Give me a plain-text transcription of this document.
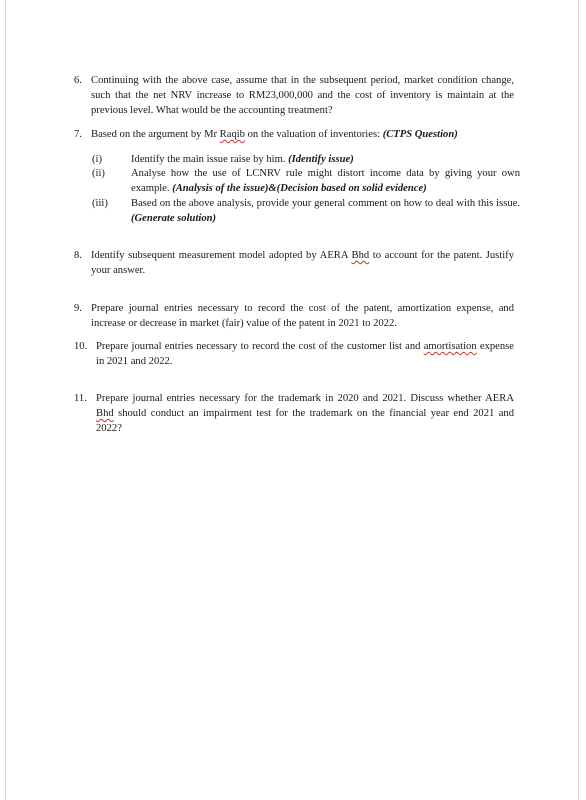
6. Continuing with the above case, assume that in the subsequent period, market condition change, such that the net NRV increase to RM23,000,000 and the cost of inventory is maintain at the previous level. What would be the accounting treatment?
7. Based on the argument by Mr Raqib on the valuation of inventories: (CTPS Question)
(i)	Identify the main issue raise by him. (Identify issue)
(ii)	Analyse how the use of LCNRV rule might distort income data by giving your own example. (Analysis of the issue)&(Decision based on solid evidence)
(iii)	Based on the above analysis, provide your general comment on how to deal with this issue. (Generate solution)
8. Identify subsequent measurement model adopted by AERA Bhd to account for the patent. Justify your answer.
9. Prepare journal entries necessary to record the cost of the patent, amortization expense, and increase or decrease in market (fair) value of the patent in 2021 to 2022.
10. Prepare journal entries necessary to record the cost of the customer list and amortisation expense in 2021 and 2022.
11. Prepare journal entries necessary for the trademark in 2020 and 2021. Discuss whether AERA Bhd should conduct an impairment test for the trademark on the financial year end 2021 and 2022?
